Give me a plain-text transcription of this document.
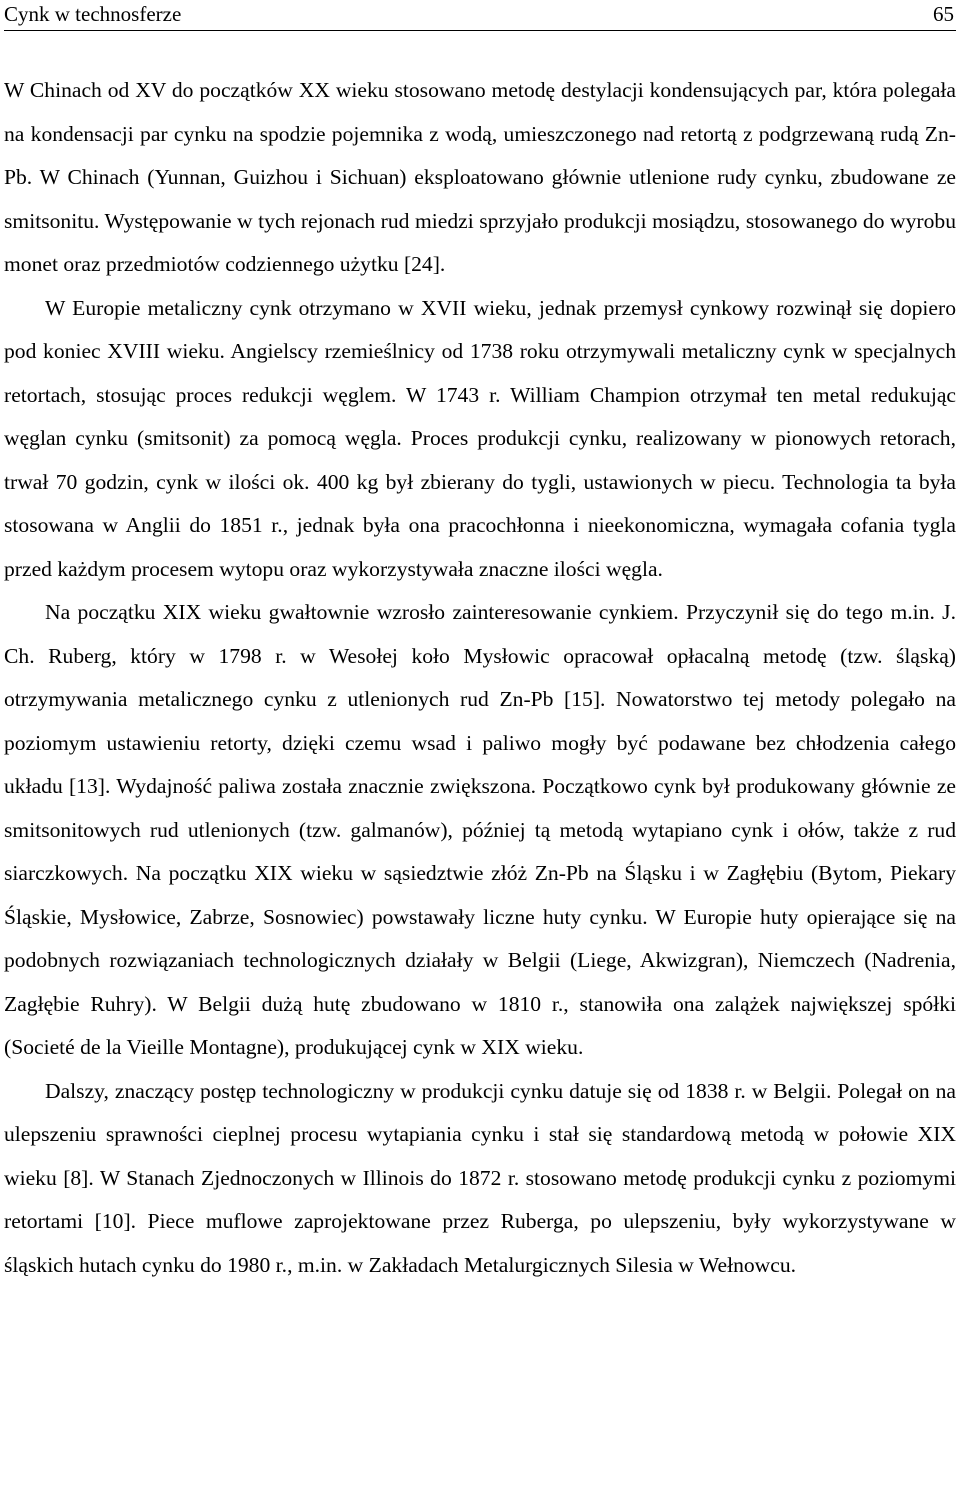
Cynk w technosferze	65

W Chinach od XV do początków XX wieku stosowano metodę destylacji kondensujących par, która polegała na kondensacji par cynku na spodzie pojemnika z wodą, umieszczonego nad retortą z podgrzewaną rudą Zn-Pb. W Chinach (Yunnan, Guizhou i Sichuan) eksploatowano głównie utlenione rudy cynku, zbudowane ze smitsonitu. Występowanie w tych rejonach rud miedzi sprzyjało produkcji mosiądzu, stosowanego do wyrobu monet oraz przedmiotów codziennego użytku [24].

W Europie metaliczny cynk otrzymano w XVII wieku, jednak przemysł cynkowy rozwinął się dopiero pod koniec XVIII wieku. Angielscy rzemieślnicy od 1738 roku otrzymywali metaliczny cynk w specjalnych retortach, stosując proces redukcji węglem. W 1743 r. William Champion otrzymał ten metal redukując węglan cynku (smitsonit) za pomocą węgla. Proces produkcji cynku, realizowany w pionowych retorach, trwał 70 godzin, cynk w ilości ok. 400 kg był zbierany do tygli, ustawionych w piecu. Technologia ta była stosowana w Anglii do 1851 r., jednak była ona pracochłonna i nieekonomiczna, wymagała cofania tygla przed każdym procesem wytopu oraz wykorzystywała znaczne ilości węgla.

Na początku XIX wieku gwałtownie wzrosło zainteresowanie cynkiem. Przyczynił się do tego m.in. J. Ch. Ruberg, który w 1798 r. w Wesołej koło Mysłowic opracował opłacalną metodę (tzw. śląską) otrzymywania metalicznego cynku z utlenionych rud Zn-Pb [15]. Nowatorstwo tej metody polegało na poziomym ustawieniu retorty, dzięki czemu wsad i paliwo mogły być podawane bez chłodzenia całego układu [13]. Wydajność paliwa została znacznie zwiększona. Początkowo cynk był produkowany głównie ze smitsonitowych rud utlenionych (tzw. galmanów), później tą metodą wytapiano cynk i ołów, także z rud siarczkowych. Na początku XIX wieku w sąsiedztwie złóż Zn-Pb na Śląsku i w Zagłębiu (Bytom, Piekary Śląskie, Mysłowice, Zabrze, Sosnowiec) powstawały liczne huty cynku. W Europie huty opierające się na podobnych rozwiązaniach technologicznych działały w Belgii (Liege, Akwizgran), Niemczech (Nadrenia, Zagłębie Ruhry). W Belgii dużą hutę zbudowano w 1810 r., stanowiła ona zalążek największej spółki (Societé de la Vieille Montagne), produkującej cynk w XIX wieku.

Dalszy, znaczący postęp technologiczny w produkcji cynku datuje się od 1838 r. w Belgii. Polegał on na ulepszeniu sprawności cieplnej procesu wytapiania cynku i stał się standardową metodą w połowie XIX wieku [8]. W Stanach Zjednoczonych w Illinois do 1872 r. stosowano metodę produkcji cynku z poziomymi retortami [10]. Piece muflowe zaprojektowane przez Ruberga, po ulepszeniu, były wykorzystywane w śląskich hutach cynku do 1980 r., m.in. w Zakładach Metalurgicznych Silesia w Wełnowcu.
